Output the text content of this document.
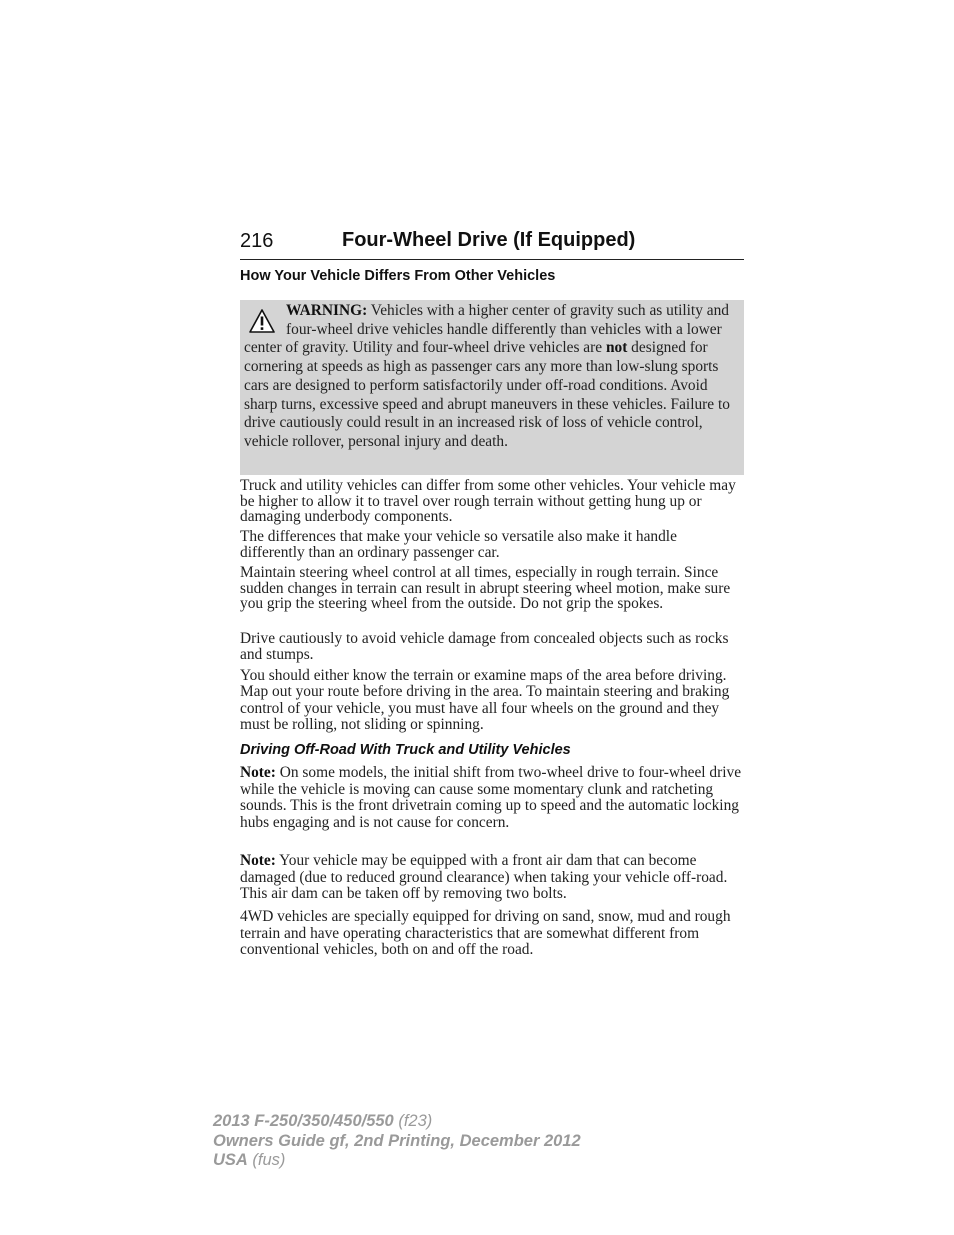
216	Four-Wheel Drive (If Equipped)
How Your Vehicle Differs From Other Vehicles
WARNING: Vehicles with a higher center of gravity such as utility and four-wheel drive vehicles handle differently than vehicles with a lower center of gravity. Utility and four-wheel drive vehicles are not designed for cornering at speeds as high as passenger cars any more than low-slung sports cars are designed to perform satisfactorily under off-road conditions. Avoid sharp turns, excessive speed and abrupt maneuvers in these vehicles. Failure to drive cautiously could result in an increased risk of loss of vehicle control, vehicle rollover, personal injury and death.

Truck and utility vehicles can differ from some other vehicles. Your vehicle may be higher to allow it to travel over rough terrain without getting hung up or damaging underbody components.

The differences that make your vehicle so versatile also make it handle differently than an ordinary passenger car.

Maintain steering wheel control at all times, especially in rough terrain. Since sudden changes in terrain can result in abrupt steering wheel motion, make sure you grip the steering wheel from the outside. Do not grip the spokes.

Drive cautiously to avoid vehicle damage from concealed objects such as rocks and stumps.

You should either know the terrain or examine maps of the area before driving. Map out your route before driving in the area. To maintain steering and braking control of your vehicle, you must have all four wheels on the ground and they must be rolling, not sliding or spinning.

Driving Off-Road With Truck and Utility Vehicles

Note: On some models, the initial shift from two-wheel drive to four-wheel drive while the vehicle is moving can cause some momentary clunk and ratcheting sounds. This is the front drivetrain coming up to speed and the automatic locking hubs engaging and is not cause for concern.

Note: Your vehicle may be equipped with a front air dam that can become damaged (due to reduced ground clearance) when taking your vehicle off-road. This air dam can be taken off by removing two bolts.

4WD vehicles are specially equipped for driving on sand, snow, mud and rough terrain and have operating characteristics that are somewhat different from conventional vehicles, both on and off the road.

2013 F-250/350/450/550 (f23)
Owners Guide gf, 2nd Printing, December 2012
USA (fus)
